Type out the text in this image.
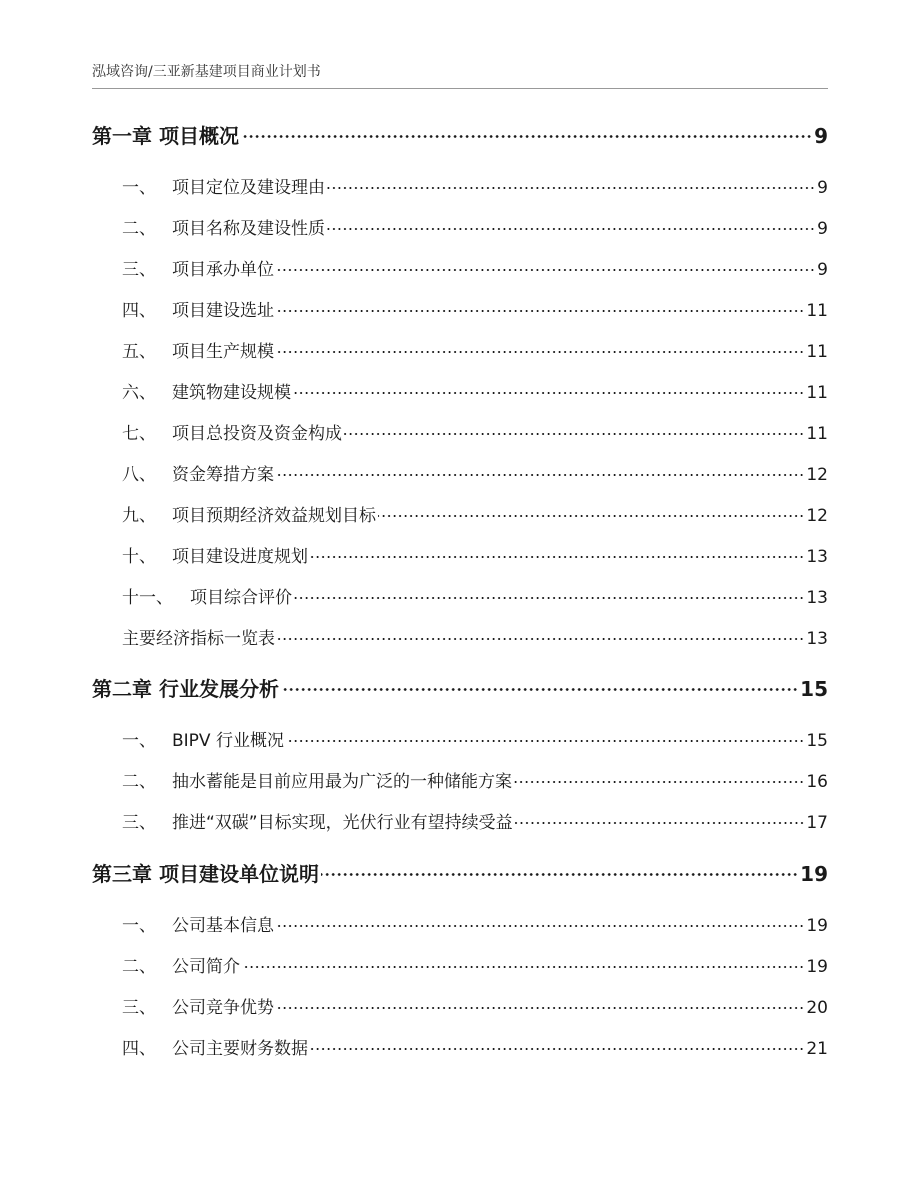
泓域咨询/三亚新基建项目商业计划书
第一章 项目概况	9
一、 项目定位及建设理由	9
二、 项目名称及建设性质	9
三、 项目承办单位	9
四、 项目建设选址	11
五、 项目生产规模	11
六、 建筑物建设规模	11
七、 项目总投资及资金构成	11
八、 资金筹措方案	12
九、 项目预期经济效益规划目标	12
十、 项目建设进度规划	13
十一、 项目综合评价	13
主要经济指标一览表	13
第二章 行业发展分析	15
一、 BIPV 行业概况	15
二、 抽水蓄能是目前应用最为广泛的一种储能方案	16
三、 推进“双碳”目标实现，光伏行业有望持续受益	17
第三章 项目建设单位说明	19
一、 公司基本信息	19
二、 公司简介	19
三、 公司竞争优势	20
四、 公司主要财务数据	21
